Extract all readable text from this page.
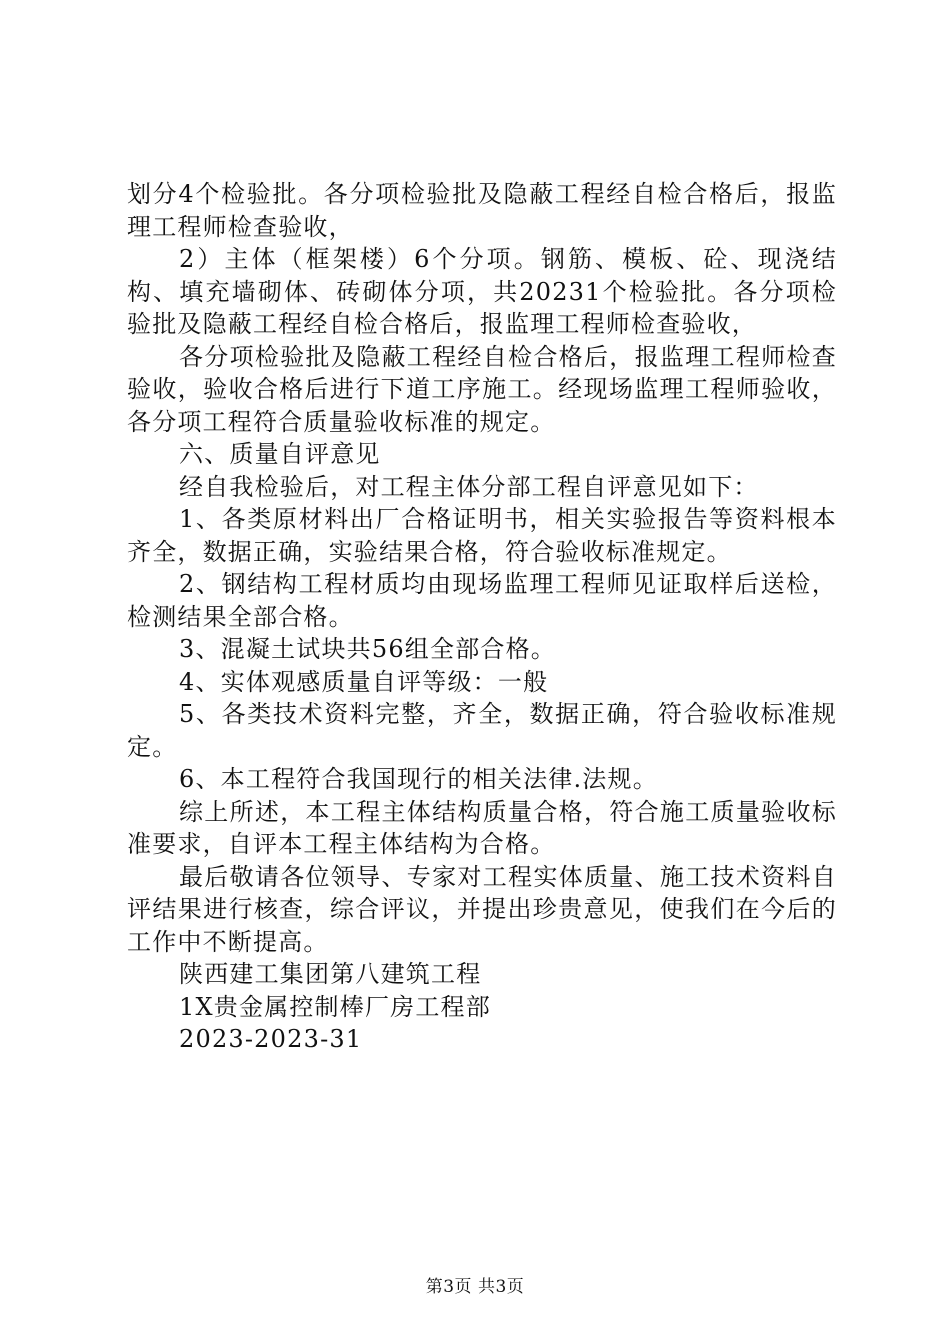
划分4个检验批。各分项检验批及隐蔽工程经自检合格后，报监理工程师检查验收，

2）主体（框架楼）6个分项。钢筋、模板、砼、现浇结构、填充墙砌体、砖砌体分项，共20231个检验批。各分项检验批及隐蔽工程经自检合格后，报监理工程师检查验收，

各分项检验批及隐蔽工程经自检合格后，报监理工程师检查验收，验收合格后进行下道工序施工。经现场监理工程师验收，各分项工程符合质量验收标准的规定。

六、质量自评意见

经自我检验后，对工程主体分部工程自评意见如下：

1、各类原材料出厂合格证明书，相关实验报告等资料根本齐全，数据正确，实验结果合格，符合验收标准规定。

2、钢结构工程材质均由现场监理工程师见证取样后送检，检测结果全部合格。

3、混凝土试块共56组全部合格。

4、实体观感质量自评等级：一般

5、各类技术资料完整，齐全，数据正确，符合验收标准规定。

6、本工程符合我国现行的相关法律.法规。

综上所述，本工程主体结构质量合格，符合施工质量验收标准要求，自评本工程主体结构为合格。

最后敬请各位领导、专家对工程实体质量、施工技术资料自评结果进行核查，综合评议，并提出珍贵意见，使我们在今后的工作中不断提高。

陕西建工集团第八建筑工程

1X贵金属控制棒厂房工程部

2023-2023-31

第3页 共3页
